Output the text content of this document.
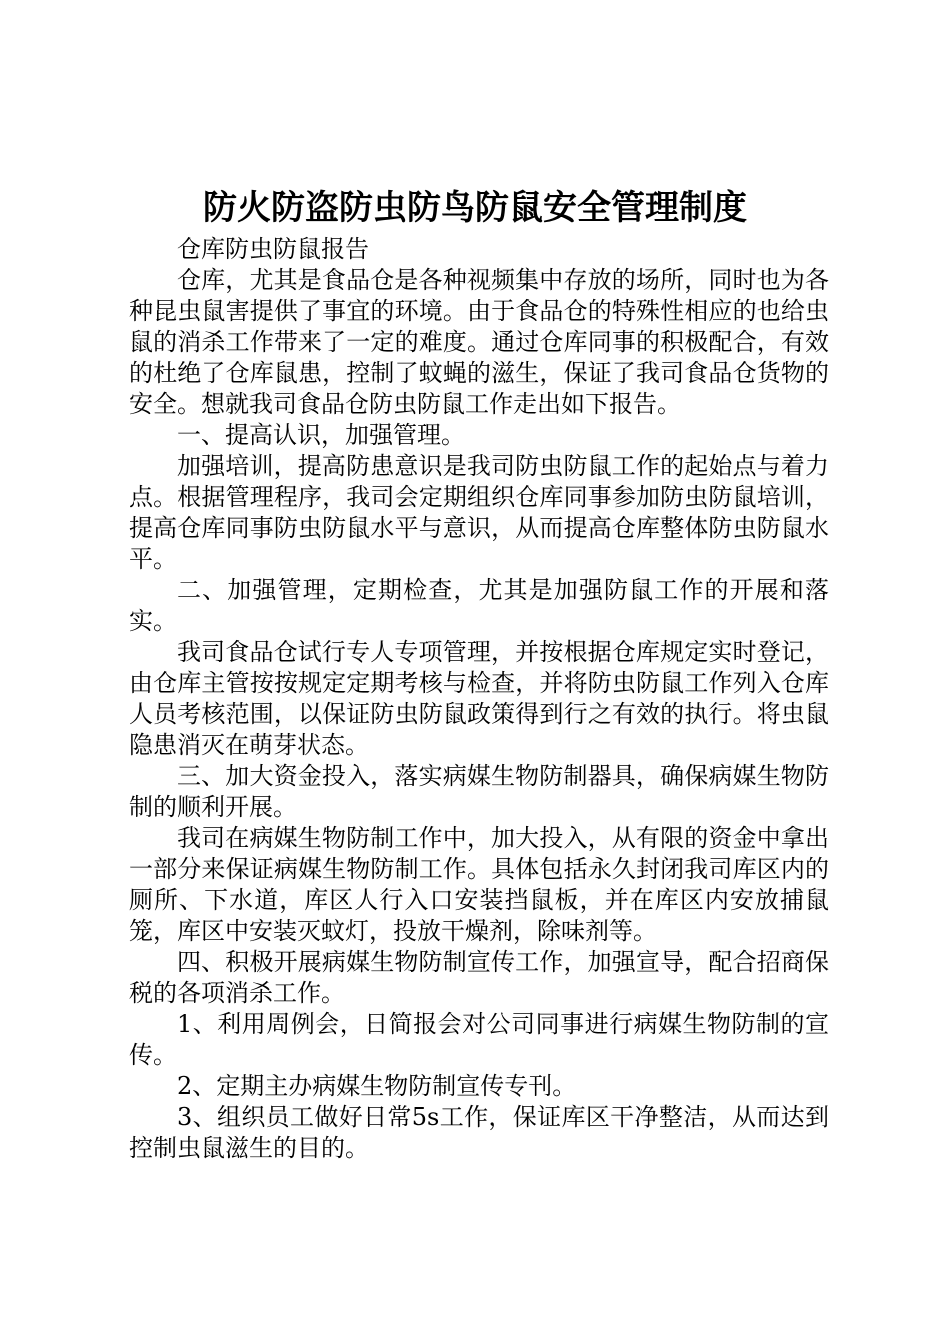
防火防盗防虫防鸟防鼠安全管理制度

仓库防虫防鼠报告

仓库，尤其是食品仓是各种视频集中存放的场所，同时也为各种昆虫鼠害提供了事宜的环境。由于食品仓的特殊性相应的也给虫鼠的消杀工作带来了一定的难度。通过仓库同事的积极配合，有效的杜绝了仓库鼠患，控制了蚊蝇的滋生，保证了我司食品仓货物的安全。想就我司食品仓防虫防鼠工作走出如下报告。

一、提高认识，加强管理。

加强培训，提高防患意识是我司防虫防鼠工作的起始点与着力点。根据管理程序，我司会定期组织仓库同事参加防虫防鼠培训，提高仓库同事防虫防鼠水平与意识，从而提高仓库整体防虫防鼠水平。

二、加强管理，定期检查，尤其是加强防鼠工作的开展和落实。

我司食品仓试行专人专项管理，并按根据仓库规定实时登记，由仓库主管按按规定定期考核与检查，并将防虫防鼠工作列入仓库人员考核范围，以保证防虫防鼠政策得到行之有效的执行。将虫鼠隐患消灭在萌芽状态。

三、加大资金投入，落实病媒生物防制器具，确保病媒生物防制的顺利开展。

我司在病媒生物防制工作中，加大投入，从有限的资金中拿出一部分来保证病媒生物防制工作。具体包括永久封闭我司库区内的厕所、下水道，库区人行入口安装挡鼠板，并在库区内安放捕鼠笼，库区中安装灭蚊灯，投放干燥剂，除味剂等。

四、积极开展病媒生物防制宣传工作，加强宣导，配合招商保税的各项消杀工作。

1、利用周例会，日简报会对公司同事进行病媒生物防制的宣传。

2、定期主办病媒生物防制宣传专刊。

3、组织员工做好日常5s工作，保证库区干净整洁，从而达到控制虫鼠滋生的目的。
